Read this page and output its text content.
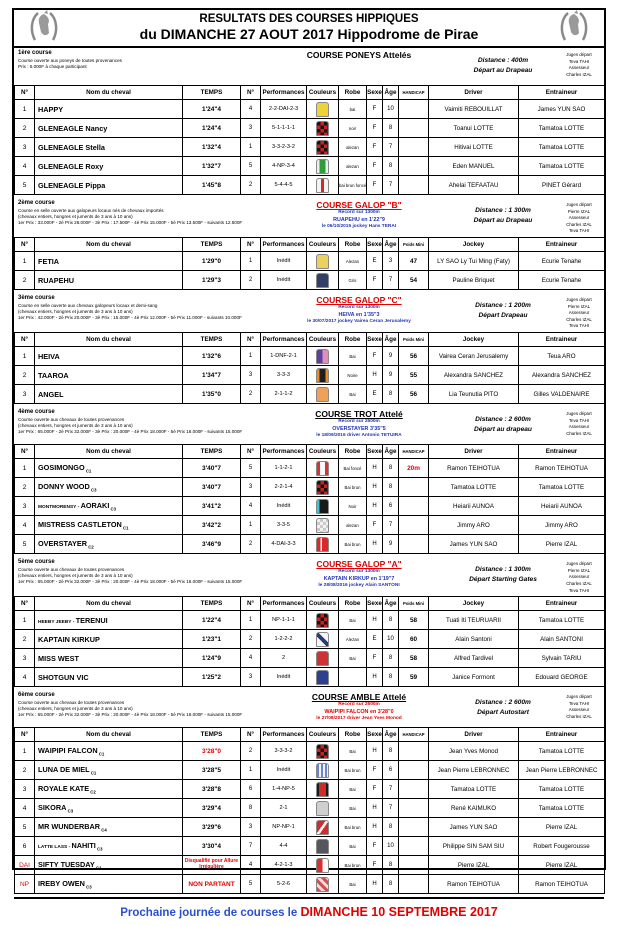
RESULTATS DES COURSES HIPPIQUES
du DIMANCHE 27 AOUT 2017 Hippodrome de Pirae
1ère course
Course ouverte aux poneys de toutes provenances
Prix : 5.000F à chaque participant
COURSE PONEYS Attelés
Distance : 400m
Départ au Drapeau
Juges départ
Teva TAHI
Assesseur
Charles IZAL
N°	Nom du cheval	TEMPS	N°	Performances	Couleurs	Robe	Sexe	Âge	HANDICAP	Driver	Entraineur	
1	HAPPY	1'24"4	4	2-2-DAI-2-3		bai	F	10		Vaimiti REBOUILLAT	James YUN SAO	
2	GLENEAGLE Nancy	1'24"4	3	5-1-1-1-1		noir	F	8		Toanui LOTTE	Tamatoa LOTTE	
3	GLENEAGLE Stella	1'32"4	1	3-3-2-3-2		alezan	F	7		Hitivai LOTTE	Tamatoa LOTTE	
4	GLENEAGLE Roxy	1'32"7	5	4-NP-3-4		alezan	F	8		Eden MANUEL	Tamatoa LOTTE	
5	GLENEAGLE Pippa	1'45"8	2	5-4-4-5		bai brun foncé	F	7		Ahelai TEFAATAU	PINET Gérard	
2ème course
Course en selle ouverte aux galopeurs locaux nés de chevaux importés
(chevaux entiers, hongres et juments de 3 ans à 10 ans)
1er Prix : 33.000F - 2è Prix 28.000F - 3è Prix : 17.500F - 4è Prix 15.000F - 5è Prix 13.500F - suivants 12.500F
COURSE GALOP "B"
Record sur 1300m
RUAPEHU en 1'22"9
le 06/10/2015 jockey Hans TERAI
Distance : 1 300m
Départ au Drapeau
Juges départ
Pierre IZAL
Assesseur
Charles IZAL
Teva TAHI
N°	Nom du cheval	TEMPS	N°	Performances	Couleurs	Robe	Sexe	Âge	Poids Mini	Jockey	Entraineur	
1	FETIA	1'29"0	1	Inédit		Alezan	E	3	47	LY SAO Ly Tui Ming (Faty)	Ecurie Tenahe	
2	RUAPEHU	1'29"3	2	Inédit		Gris	F	7	54	Pauline Briquet	Ecurie Tenahe	
3ème course
Course en selle ouverte aux chevaux galopeurs locaux et demi-sang
(chevaux entiers, hongres et juments de 3 ans à 10 ans)
1er Prix : 42.000F - 2è Prix 20.000F - 3è Prix : 15.000F - 4è Prix 12.000F - 5è Prix 11.000F - suivants 10.000F
COURSE GALOP "C"
Record sur 1300m
HEIVA en 1'35"3
le 30/07/2017 jockey Vairea Ceran Jerusalemy
Distance : 1 200m
Départ Drapeau
Juges départ
Pierre IZAL
Assesseur
Charles IZAL
Teva TAHI
N°	Nom du cheval	TEMPS	N°	Performances	Couleurs	Robe	Sexe	Âge	Poids Mini	Jockey	Entraineur	
1	HEIVA	1'32"6	1	1-DNF-2-1		Bai	F	9	56	Vairea Ceran Jerusalemy	Teua ARO	
2	TAAROA	1'34"7	3	3-3-3		Noire	H	9	55	Alexandra SANCHEZ	Alexandra SANCHEZ	
3	ANGEL	1'35"0	2	2-1-1-2		Bai	E	8	56	Lia Teunutia PITO	Gilles VALDENAIRE	
4ème course
Course ouverte aux chevaux de toutes provenances
(chevaux entiers, hongres et juments de 3 ans à 10 ans)
1er Prix : 65.000F - 2è Prix 32.000F - 3è Prix : 20.000F - 4è Prix 18.000F - 5è Prix 16.000F - suivants 15.000F
COURSE TROT Attelé
Record sur 2600m
OVERSTAYER 3'35"5
le 18/09/2016 driver Antonio TETUIRA
Distance : 2 600m
Départ au drapeau
Juges départ
Teva TAHI
Assesseur
Charles IZAL
N°	Nom du cheval	TEMPS	N°	Performances	Couleurs	Robe	Sexe	Âge	HANDICAP	Driver	Entraineur	
1	GOSIMONGO $_{C1}$	3'40"7	5	1-1-2-1		Bai foncé	H	8	20m	Ramon TEIHOTUA	Ramon TEIHOTUA	
2	DONNY WOOD $_{C3}$	3'40"7	3	2-2-1-4		Bai brun	H	8		Tamatoa LOTTE	Tamatoa LOTTE	
3	MONTMORENSY - AORAKI $_{C3}$	3'41"2	4	Inédit		Noir	H	6		Heiarii AUNOA	Heiarii AUNOA	
4	MISTRESS CASTLETON $_{C1}$	3'42"2	1	3-3-5		alezan	F	7		Jimmy ARO	Jimmy ARO	
5	OVERSTAYER $_{C2}$	3'46"9	2	4-DAI-3-3		Bai brun	H	9		James YUN SAO	Pierre IZAL	
5ème course
Course ouverte aux chevaux de toutes provenances
(chevaux entiers, hongres et juments de 3 ans à 10 ans)
1er Prix : 65.000F - 2è Prix 32.000F - 3è Prix : 20.000F - 4è Prix 18.000F - 5è Prix 16.000F - suivants 15.000F
COURSE GALOP "A"
Record sur 1300m
KAPTAIN KIRKUP en 1'19"7
le 28/08/2016 jockey Alain SANTONI
Distance : 1 300m
Départ Starting Gates
Juges départ
Pierre IZAL
Assesseur
Charles IZAL
Teva TAHI
N°	Nom du cheval	TEMPS	N°	Performances	Couleurs	Robe	Sexe	Âge	Poids Mini	Jockey	Entraineur	
1	HEEBY JEEBY - TERENUI	1'22"4	1	NP-1-1-1		Bai	H	8	58	Tuati Iti TEURUARII	Tamatoa LOTTE	
2	KAPTAIN KIRKUP	1'23"1	2	1-2-2-2		Alezan	E	10	60	Alain Santoni	Alain SANTONI	
3	MISS WEST	1'24"9	4	2		Bai	F	8	58	Alfred Tardivel	Sylvain TARIU	
4	SHOTGUN VIC	1'25"2	3	Inédit			H	8	59	Janice Formont	Edouard GEORGE	
6ème course
Course ouverte aux chevaux de toutes provenances
(chevaux entiers, hongres et juments de 3 ans à 10 ans)
1er Prix : 65.000F - 2è Prix 32.000F - 3è Prix : 20.000F - 4è Prix 18.000F - 5è Prix 16.000F - suivants 15.000F
COURSE AMBLE Attelé
Record sur 2600m
WAIPIPI FALCON en 3'28"0
le 27/08/2017 driver Jean Yves Monod
Distance : 2 600m
Départ Autostart
Juges départ
Teva TAHI
Assesseur
Charles IZAL
N°	Nom du cheval	TEMPS	N°	Performances	Couleurs	Robe	Sexe	Âge	HANDICAP	Driver	Entraineur	
1	WAIPIPI FALCON $_{C1}$	3'28"0	2	3-3-3-2		Bai	H	8		Jean Yves Monod	Tamatoa LOTTE	
2	LUNA DE MIEL $_{C1}$	3'28"5	1	Inédit		Bai brun	F	6		Jean Pierre LEBRONNEC	Jean Pierre LEBRONNEC	
3	ROYALE KATE $_{C2}$	3'28"8	6	1-4-NP-5		Bai	F	7		Tamatoa LOTTE	Tamatoa LOTTE	
4	SIKORA $_{C3}$	3'29"4	8	2-1		Bai	H	7		René KAIMUKO	Tamatoa LOTTE	
5	MR WUNDERBAR $_{C4}$	3'29"6	3	NP-NP-1		Bai brun	H	8		James YUN SAO	Pierre IZAL	
6	LATTE LASS - NAHITI $_{C3}$	3'30"4	7	4-4		Bai	F	10		Philippe SIN SAM SIU	Robert Fougerousse	
DAI	SIFTY TUESDAY $_{C1}$	Disqualifié pour Allure Irrégulière	4	4-2-1-3		Bai brun	F	8		Pierre IZAL	Pierre IZAL	
NP	IREBY OWEN $_{C3}$	NON PARTANT	5	5-2-6		Bai	H	8		Ramon TEIHOTUA	Ramon TEIHOTUA	
Prochaine journée de courses le DIMANCHE 10 SEPTEMBRE 2017
